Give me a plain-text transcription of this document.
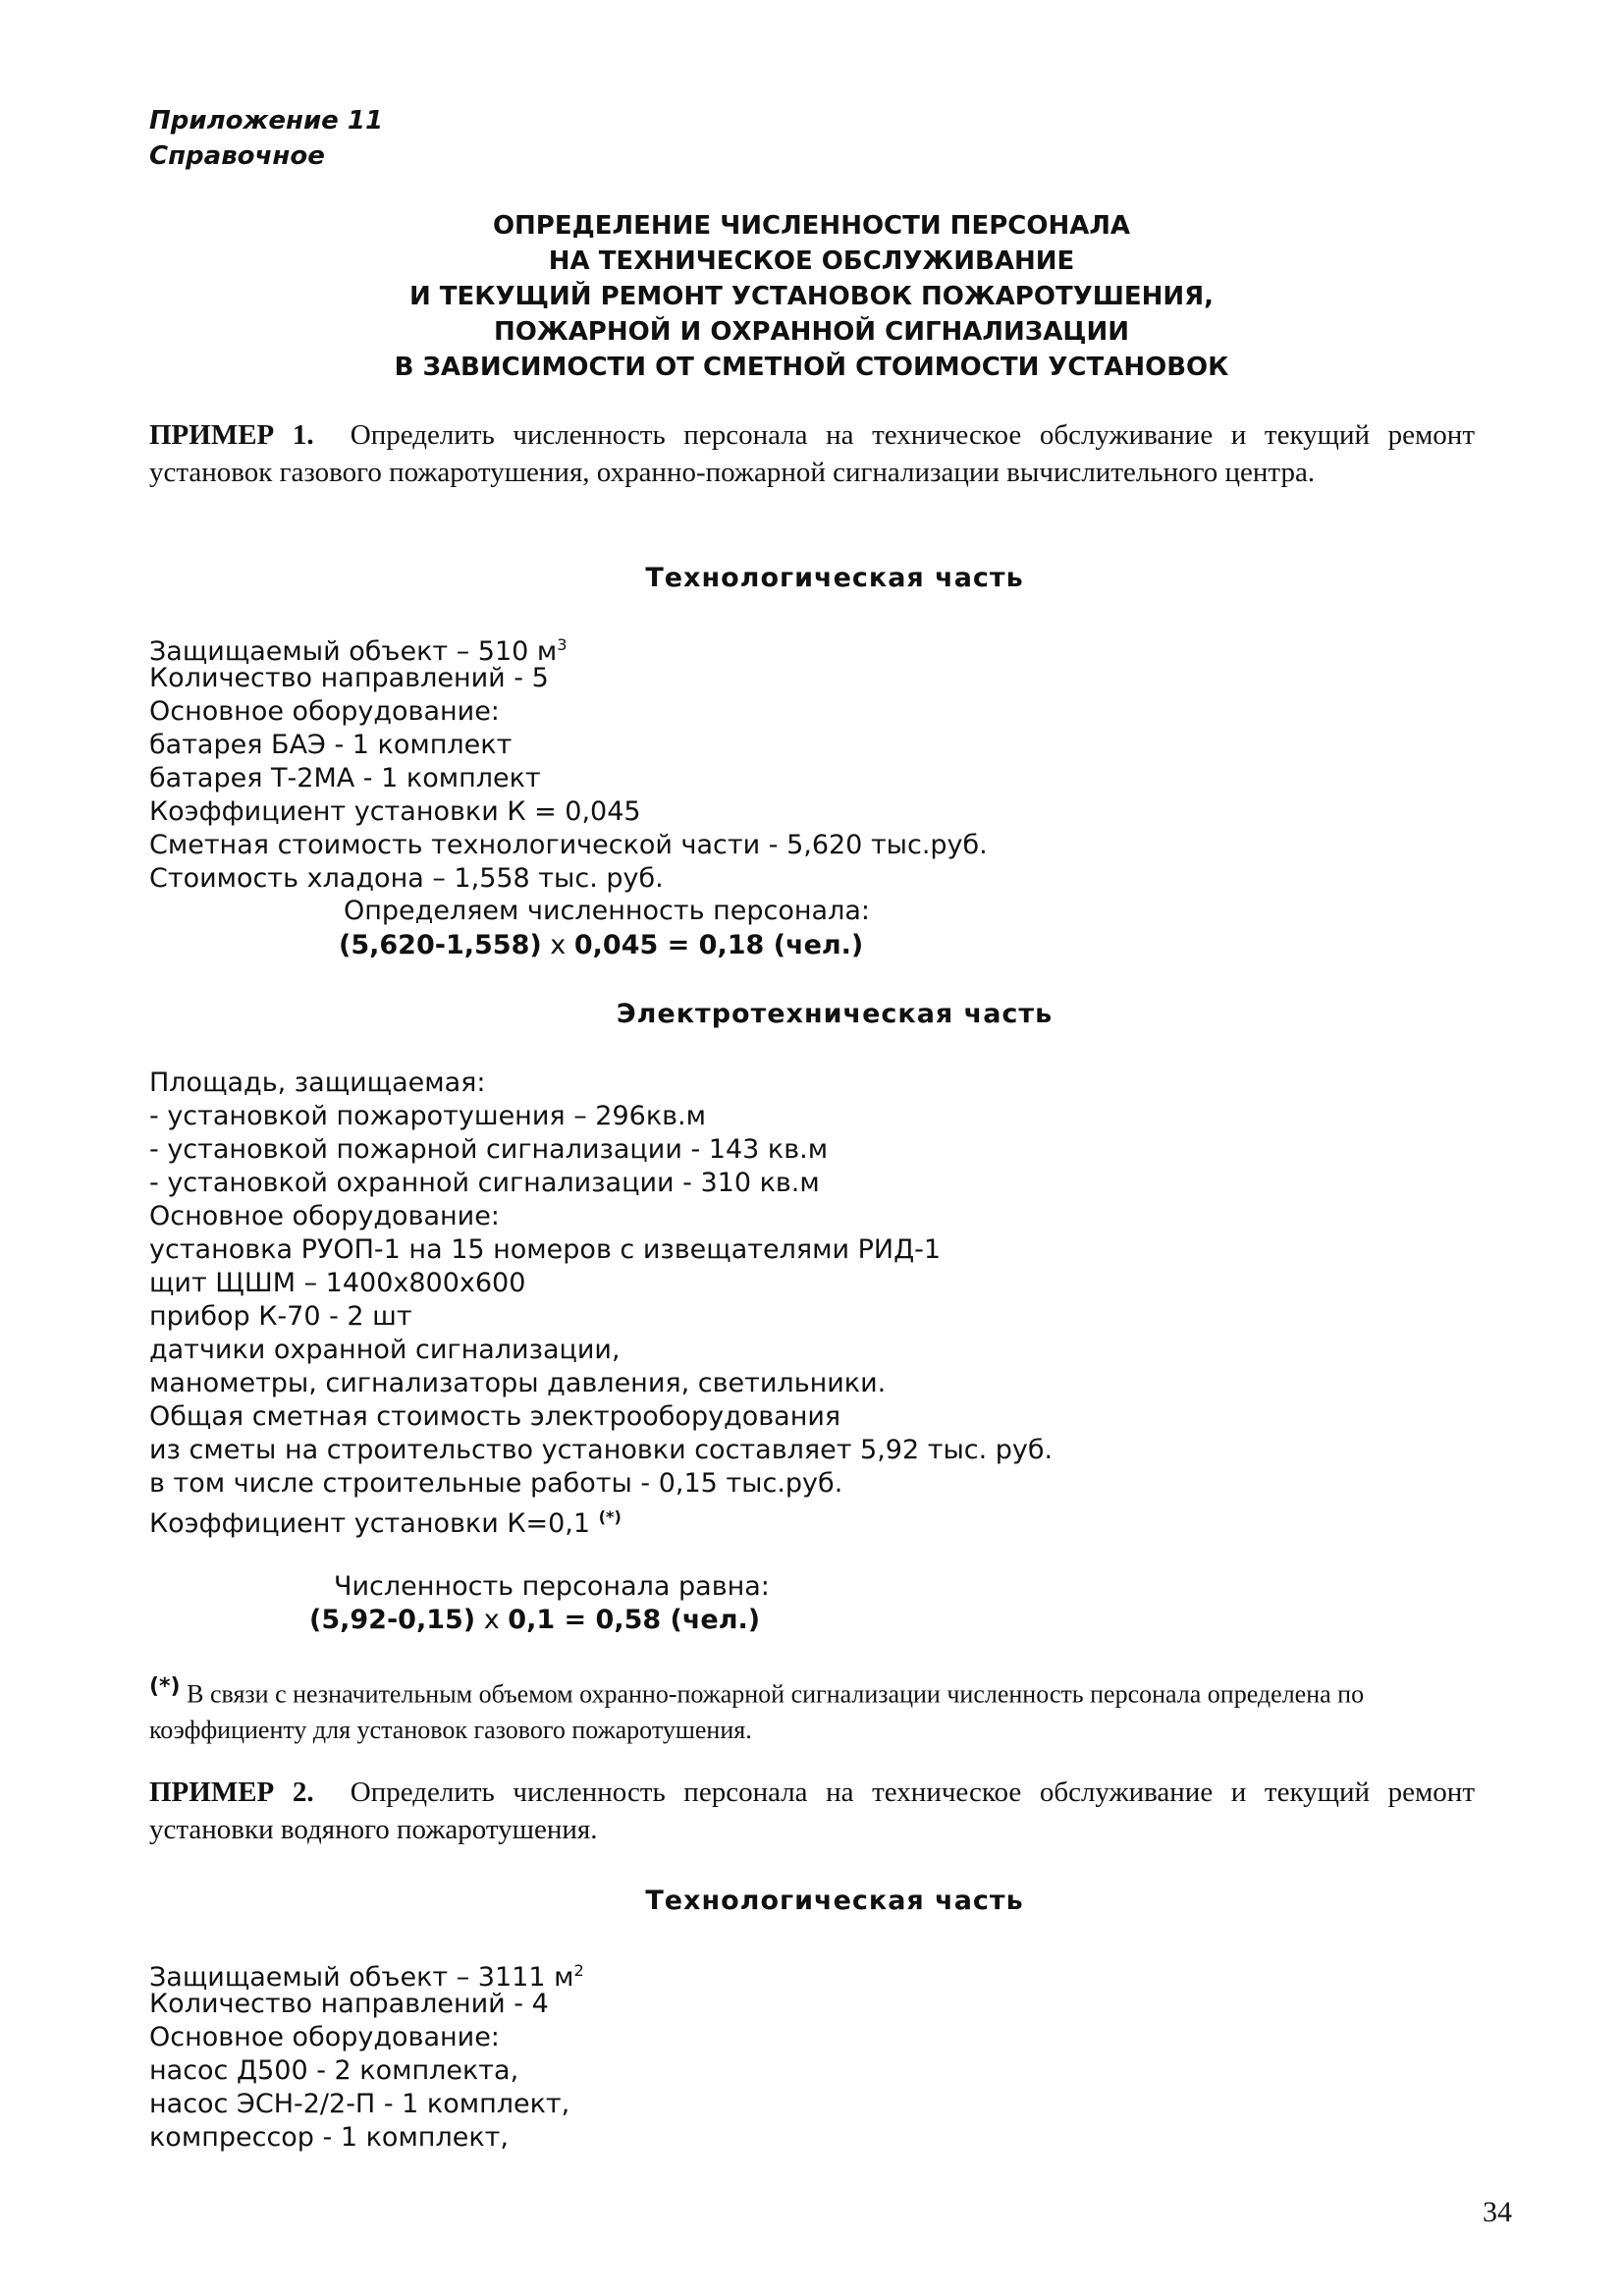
Приложение 11
Справочное
ОПРЕДЕЛЕНИЕ ЧИСЛЕННОСТИ ПЕРСОНАЛА
НА ТЕХНИЧЕСКОЕ ОБСЛУЖИВАНИЕ
И ТЕКУЩИЙ РЕМОНТ УСТАНОВОК ПОЖАРОТУШЕНИЯ,
ПОЖАРНОЙ И ОХРАННОЙ СИГНАЛИЗАЦИИ
В ЗАВИСИМОСТИ ОТ СМЕТНОЙ СТОИМОСТИ УСТАНОВОК
ПРИМЕР 1. Определить численность персонала на техническое обслуживание и текущий ремонт установок газового пожаротушения, охранно-пожарной сигнализации вычислительного центра.
Технологическая часть
Защищаемый объект – 510 $м^3$
Количество направлений - 5
Основное оборудование:
батарея БАЭ - 1 комплект
батарея Т-2МА - 1 комплект
Коэффициент установки К = 0,045
Сметная стоимость технологической части - 5,620 тыс.руб.
Стоимость хладона – 1,558 тыс. руб.
Определяем численность персонала:
(5,620-1,558) х 0,045 = 0,18 (чел.)
Электротехническая часть
Площадь, защищаемая:
- установкой пожаротушения – 296кв.м
- установкой пожарной сигнализации - 143 кв.м
- установкой охранной сигнализации - 310 кв.м
Основное оборудование:
установка РУОП-1 на 15 номеров с извещателями РИД-1
щит ЩШМ – 1400х800х600
прибор К-70 - 2 шт
датчики охранной сигнализации,
манометры, сигнализаторы давления, светильники.
Общая сметная стоимость электрооборудования
из сметы на строительство установки составляет 5,92 тыс. руб.
в том числе строительные работы - 0,15 тыс.руб.
Коэффициент установки К=0,1 (*)
Численность персонала равна:
(5,92-0,15) х 0,1 = 0,58 (чел.)
(*) В связи с незначительным объемом охранно-пожарной сигнализации численность персонала определена по коэффициенту для установок газового пожаротушения.
ПРИМЕР 2. Определить численность персонала на техническое обслуживание и текущий ремонт установки водяного пожаротушения.
Технологическая часть
Защищаемый объект – 3111 $м^2$
Количество направлений - 4
Основное оборудование:
насос Д500 - 2 комплекта,
насос ЭСН-2/2-П - 1 комплект,
компрессор - 1 комплект,
34
